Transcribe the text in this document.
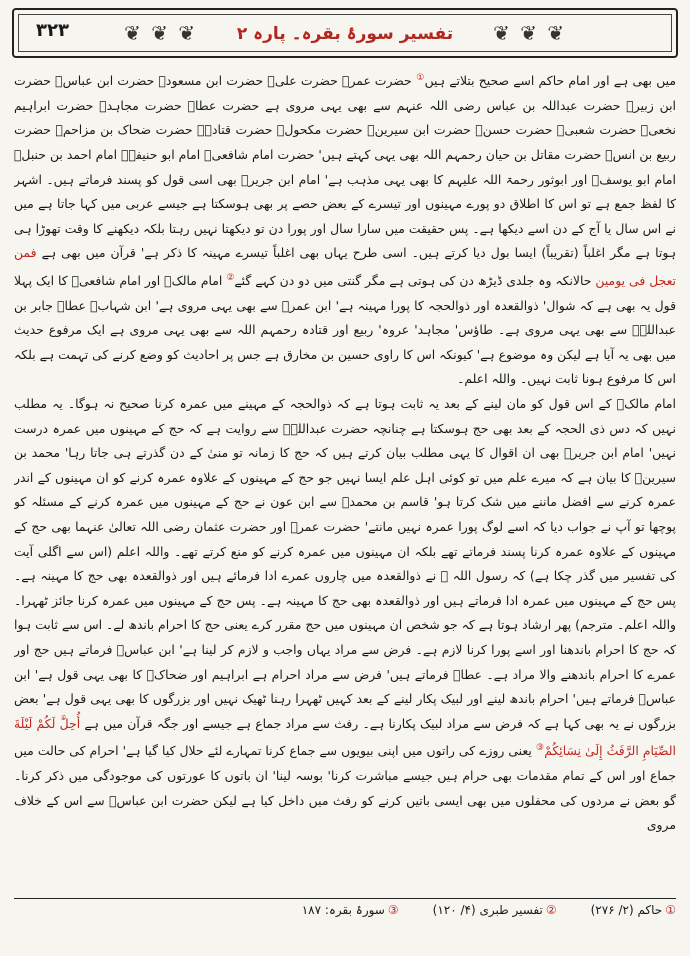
۳۲۳	❦ ❦ ❦	تفسیر سورۂ بقرہ۔ پارہ ۲	❦ ❦ ❦

میں بھی ہے اور امام حاکم اسے صحیح بتلاتے ہیں① حضرت عمرؓ حضرت علیؓ حضرت ابن مسعودؓ حضرت ابن عباسؓ حضرت ابن زبیرؓ حضرت عبداللہ بن عباس رضی اللہ عنہم سے بھی یہی مروی ہے حضرت عطاؒ حضرت مجاہدؒ حضرت ابراہیم نخعیؒ حضرت شعبیؒ حضرت حسنؒ حضرت ابن سیرینؒ حضرت مکحولؒ حضرت قتادہؒ حضرت ضحاک بن مزاحمؒ حضرت ربیع بن انسؒ حضرت مقاتل بن حیان رحمہم اللہ بھی یہی کہتے ہیں' حضرت امام شافعیؒ امام ابو حنیفہؒ امام احمد بن حنبلؒ امام ابو یوسفؒ اور ابوثور رحمۃ اللہ علیہم کا بھی یہی مذہب ہے' امام ابن جریرؒ بھی اسی قول کو پسند فرماتے ہیں۔ اشہر کا لفظ جمع ہے تو اس کا اطلاق دو پورے مہینوں اور تیسرے کے بعض حصے پر بھی ہوسکتا ہے جیسے عربی میں کہا جاتا ہے میں نے اس سال یا آج کے دن اسے دیکھا ہے۔ پس حقیقت میں سارا سال اور پورا دن تو دیکھتا نہیں رہتا بلکہ دیکھنے کا وقت تھوڑا ہی ہوتا ہے مگر اغلباً (تقریباً) ایسا بول دیا کرتے ہیں۔ اسی طرح یہاں بھی اغلباً تیسرے مہینہ کا ذکر ہے' قرآن میں بھی ہے فمن تعجل فی یومین حالانکہ وہ جلدی ڈیڑھ دن کی ہوتی ہے مگر گنتی میں دو دن کہے گئے② امام مالکؒ اور امام شافعیؒ کا ایک پہلا قول یہ بھی ہے کہ شوال' ذوالقعدہ اور ذوالحجہ کا پورا مہینہ ہے' ابن عمرؓ سے بھی یہی مروی ہے' ابن شہابؒ عطاؒ جابر بن عبداللہؓ سے بھی یہی مروی ہے۔ طاؤس' مجاہد' عروہ' ربیع اور قتادہ رحمہم اللہ سے بھی یہی مروی ہے ایک مرفوع حدیث میں بھی یہ آیا ہے لیکن وہ موضوع ہے' کیونکہ اس کا راوی حسین بن مخارق ہے جس پر احادیث کو وضع کرنے کی تہمت ہے بلکہ اس کا مرفوع ہونا ثابت نہیں۔ واللہ اعلم۔

امام مالکؒ کے اس قول کو مان لینے کے بعد یہ ثابت ہوتا ہے کہ ذوالحجہ کے مہینے میں عمرہ کرنا صحیح نہ ہوگا۔ یہ مطلب نہیں کہ دس ذی الحجہ کے بعد بھی حج ہوسکتا ہے چنانچہ حضرت عبداللہؓ سے روایت ہے کہ حج کے مہینوں میں عمرہ درست نہیں' امام ابن جریرؒ بھی ان اقوال کا یہی مطلب بیان کرتے ہیں کہ حج کا زمانہ تو منیٰ کے دن گذرتے ہی جاتا رہا' محمد بن سیرینؒ کا بیان ہے کہ میرے علم میں تو کوئی اہل علم ایسا نہیں جو حج کے مہینوں کے علاوہ عمرہ کرنے کو ان مہینوں کے اندر عمرہ کرنے سے افضل ماننے میں شک کرتا ہو' قاسم بن محمدؒ سے ابن عون نے حج کے مہینوں میں عمرہ کرنے کے مسئلہ کو پوچھا تو آپ نے جواب دیا کہ اسے لوگ پورا عمرہ نہیں مانتے' حضرت عمرؓ اور حضرت عثمان رضی اللہ تعالیٰ عنہما بھی حج کے مہینوں کے علاوہ عمرہ کرنا پسند فرماتے تھے بلکہ ان مہینوں میں عمرہ کرنے کو منع کرتے تھے۔ واللہ اعلم (اس سے اگلی آیت کی تفسیر میں گذر چکا ہے) کہ رسول اللہ ﷺ نے ذوالقعدہ میں چاروں عمرے ادا فرمائے ہیں اور ذوالقعدہ بھی حج کا مہینہ ہے۔ پس حج کے مہینوں میں عمرہ ادا فرماتے ہیں اور ذوالقعدہ بھی حج کا مہینہ ہے۔ پس حج کے مہینوں میں عمرہ کرنا جائز ٹھہرا۔ واللہ اعلم۔ مترجم) پھر ارشاد ہوتا ہے کہ جو شخص ان مہینوں میں حج مقرر کرے یعنی حج کا احرام باندھ لے۔ اس سے ثابت ہوا کہ حج کا احرام باندھنا اور اسے پورا کرنا لازم ہے۔ فرض سے مراد یہاں واجب و لازم کر لینا ہے' ابن عباسؓ فرماتے ہیں حج اور عمرے کا احرام باندھنے والا مراد ہے۔ عطاؒ فرماتے ہیں' فرض سے مراد احرام ہے ابراہیم اور ضحاکؒ کا بھی یہی قول ہے' ابن عباسؓ فرماتے ہیں' احرام باندھ لینے اور لبیک پکار لینے کے بعد کہیں ٹھہرا رہنا ٹھیک نہیں اور بزرگوں کا بھی یہی قول ہے' بعض بزرگوں نے یہ بھی کہا ہے کہ فرض سے مراد لبیک پکارنا ہے۔ رفث سے مراد جماع ہے جیسے اور جگہ قرآن میں ہے أُحِلَّ لَكُمْ لَيْلَةَ الصِّيَامِ الرَّفَثُ إِلَىٰ نِسَائِكُمْ③ یعنی روزے کی راتوں میں اپنی بیویوں سے جماع کرنا تمہارے لئے حلال کیا گیا ہے' احرام کی حالت میں جماع اور اس کے تمام مقدمات بھی حرام ہیں جیسے مباشرت کرنا' بوسہ لینا' ان باتوں کا عورتوں کی موجودگی میں ذکر کرنا۔ گو بعض نے مردوں کی محفلوں میں بھی ایسی باتیں کرنے کو رفث میں داخل کیا ہے لیکن حضرت ابن عباسؓ سے اس کے خلاف مروی

①حاکم (۲/ ۲۷۶)
②تفسیر طبری (۴/ ۱۲۰)
③سورۂ بقرہ: ۱۸۷
